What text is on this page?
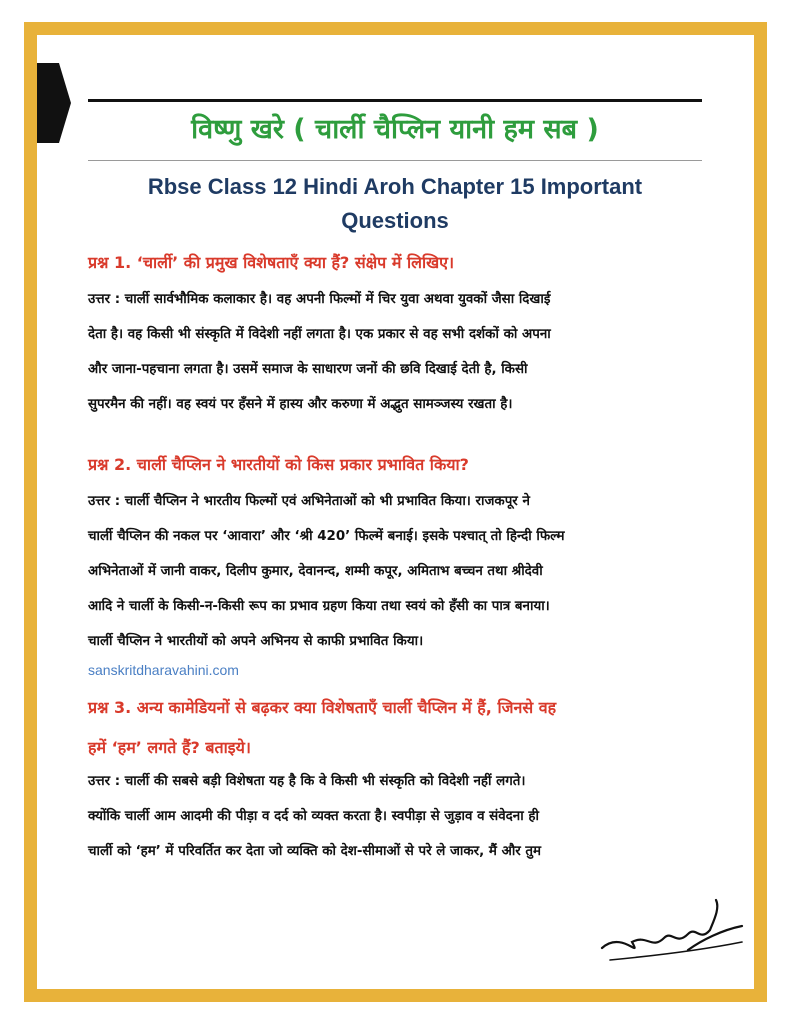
विष्णु खरे ( चार्ली चैप्लिन यानी हम सब )
Rbse Class 12 Hindi Aroh Chapter 15 Important
Questions

प्रश्न 1. ‘चार्ली’ की प्रमुख विशेषताएँ क्या हैं? संक्षेप में लिखिए।

उत्तर : चार्ली सार्वभौमिक कलाकार है। वह अपनी फिल्मों में चिर युवा अथवा युवकों जैसा दिखाई
देता है। वह किसी भी संस्कृति में विदेशी नहीं लगता है। एक प्रकार से वह सभी दर्शकों को अपना
और जाना-पहचाना लगता है। उसमें समाज के साधारण जनों की छवि दिखाई देती है, किसी
सुपरमैन की नहीं। वह स्वयं पर हँसने में हास्य और करुणा में अद्भुत सामञ्जस्य रखता है।

प्रश्न 2. चार्ली चैप्लिन ने भारतीयों को किस प्रकार प्रभावित किया?

उत्तर : चार्ली चैप्लिन ने भारतीय फिल्मों एवं अभिनेताओं को भी प्रभावित किया। राजकपूर ने
चार्ली चैप्लिन की नकल पर ‘आवारा’ और ‘श्री 420’ फिल्में बनाई। इसके पश्चात् तो हिन्दी फिल्म
अभिनेताओं में जानी वाकर, दिलीप कुमार, देवानन्द, शम्मी कपूर, अमिताभ बच्चन तथा श्रीदेवी
आदि ने चार्ली के किसी-न-किसी रूप का प्रभाव ग्रहण किया तथा स्वयं को हँसी का पात्र बनाया।
चार्ली चैप्लिन ने भारतीयों को अपने अभिनय से काफी प्रभावित किया।

sanskritdharavahini.com

प्रश्न 3. अन्य कामेडियनों से बढ़कर क्या विशेषताएँ चार्ली चैप्लिन में हैं, जिनसे वह
हमें ‘हम’ लगते हैं? बताइये।

उत्तर : चार्ली की सबसे बड़ी विशेषता यह है कि वे किसी भी संस्कृति को विदेशी नहीं लगते।
क्योंकि चार्ली आम आदमी की पीड़ा व दर्द को व्यक्त करता है। स्वपीड़ा से जुड़ाव व संवेदना ही
चार्ली को ‘हम’ में परिवर्तित कर देता जो व्यक्ति को देश-सीमाओं से परे ले जाकर, मैं और तुम
